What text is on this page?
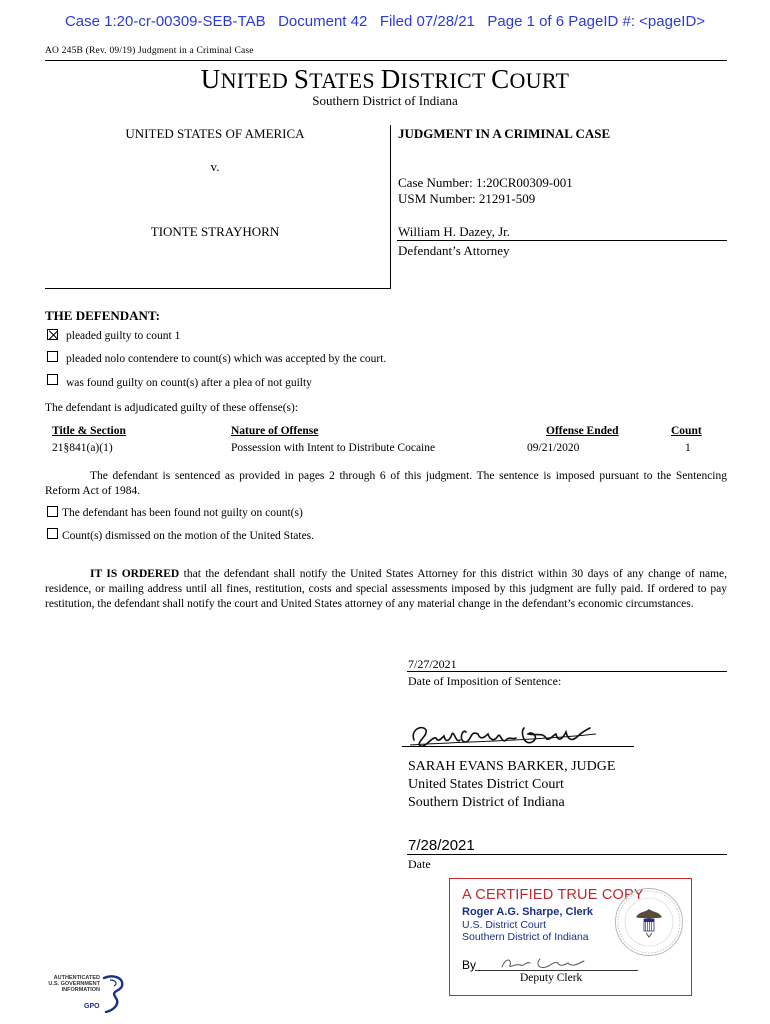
Case 1:20-cr-00309-SEB-TAB   Document 42   Filed 07/28/21   Page 1 of 6 PageID #: <pageID>
AO 245B (Rev. 09/19) Judgment in a Criminal Case
UNITED STATES DISTRICT COURT
Southern District of Indiana
UNITED STATES OF AMERICA
v.
TIONTE STRAYHORN
JUDGMENT IN A CRIMINAL CASE
Case Number: 1:20CR00309-001
USM Number: 21291-509
William H. Dazey, Jr.
Defendant’s Attorney
THE DEFENDANT:
pleaded guilty to count 1
pleaded nolo contendere to count(s) which was accepted by the court.
was found guilty on count(s) after a plea of not guilty
The defendant is adjudicated guilty of these offense(s):
Title & Section	Nature of Offense	Offense Ended	Count
21§841(a)(1)	Possession with Intent to Distribute Cocaine	09/21/2020	1
The defendant is sentenced as provided in pages 2 through 6 of this judgment. The sentence is imposed pursuant to the Sentencing Reform Act of 1984.
The defendant has been found not guilty on count(s)
Count(s) dismissed on the motion of the United States.
IT IS ORDERED that the defendant shall notify the United States Attorney for this district within 30 days of any change of name, residence, or mailing address until all fines, restitution, costs and special assessments imposed by this judgment are fully paid. If ordered to pay restitution, the defendant shall notify the court and United States attorney of any material change in the defendant’s economic circumstances.
7/27/2021
Date of Imposition of Sentence:
SARAH EVANS BARKER, JUDGE
United States District Court
Southern District of Indiana
7/28/2021
Date
A CERTIFIED TRUE COPY
Roger A.G. Sharpe, Clerk
U.S. District Court
Southern District of Indiana
By
Deputy Clerk
AUTHENTICATED
U.S. GOVERNMENT
INFORMATION
GPO
